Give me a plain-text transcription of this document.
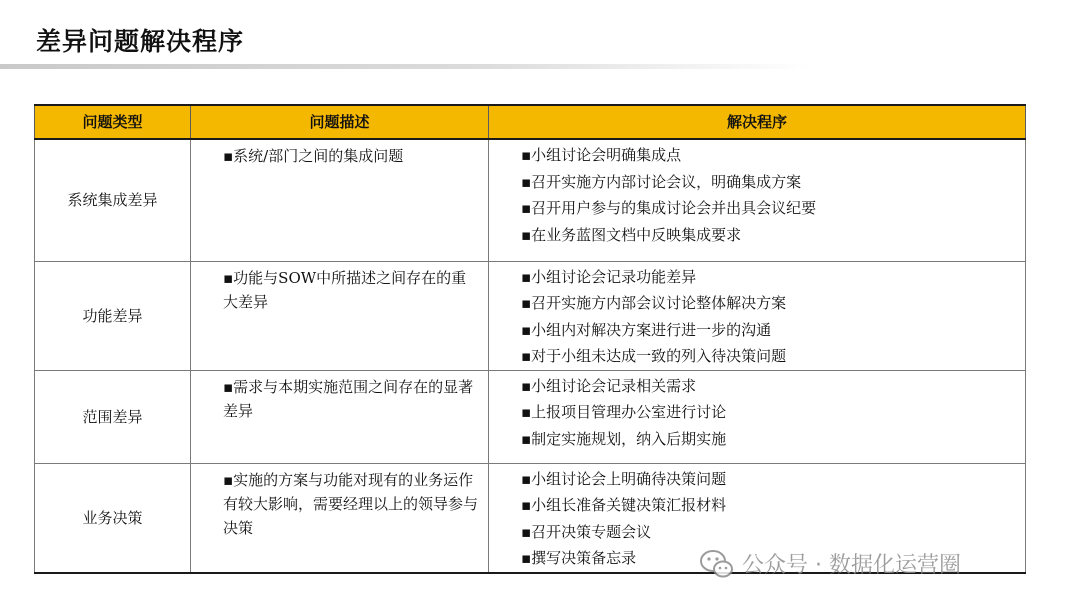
差异问题解决程序
问题类型	问题描述	解决程序
系统集成差异	▪系统/部门之间的集成问题	▪小组讨论会明确集成点
▪召开实施方内部讨论会议，明确集成方案
▪召开用户参与的集成讨论会并出具会议纪要
▪在业务蓝图文档中反映集成要求

功能差异	▪功能与SOW中所描述之间存在的重大差异	▪小组讨论会记录功能差异
▪召开实施方内部会议讨论整体解决方案
▪小组内对解决方案进行进一步的沟通
▪对于小组未达成一致的列入待决策问题

范围差异	▪需求与本期实施范围之间存在的显著差异	▪小组讨论会记录相关需求
▪上报项目管理办公室进行讨论
▪制定实施规划，纳入后期实施

业务决策	▪实施的方案与功能对现有的业务运作有较大影响，需要经理以上的领导参与决策	▪小组讨论会上明确待决策问题
▪小组长准备关键决策汇报材料
▪召开决策专题会议
▪撰写决策备忘录	公众号 · 数据化运营圈
